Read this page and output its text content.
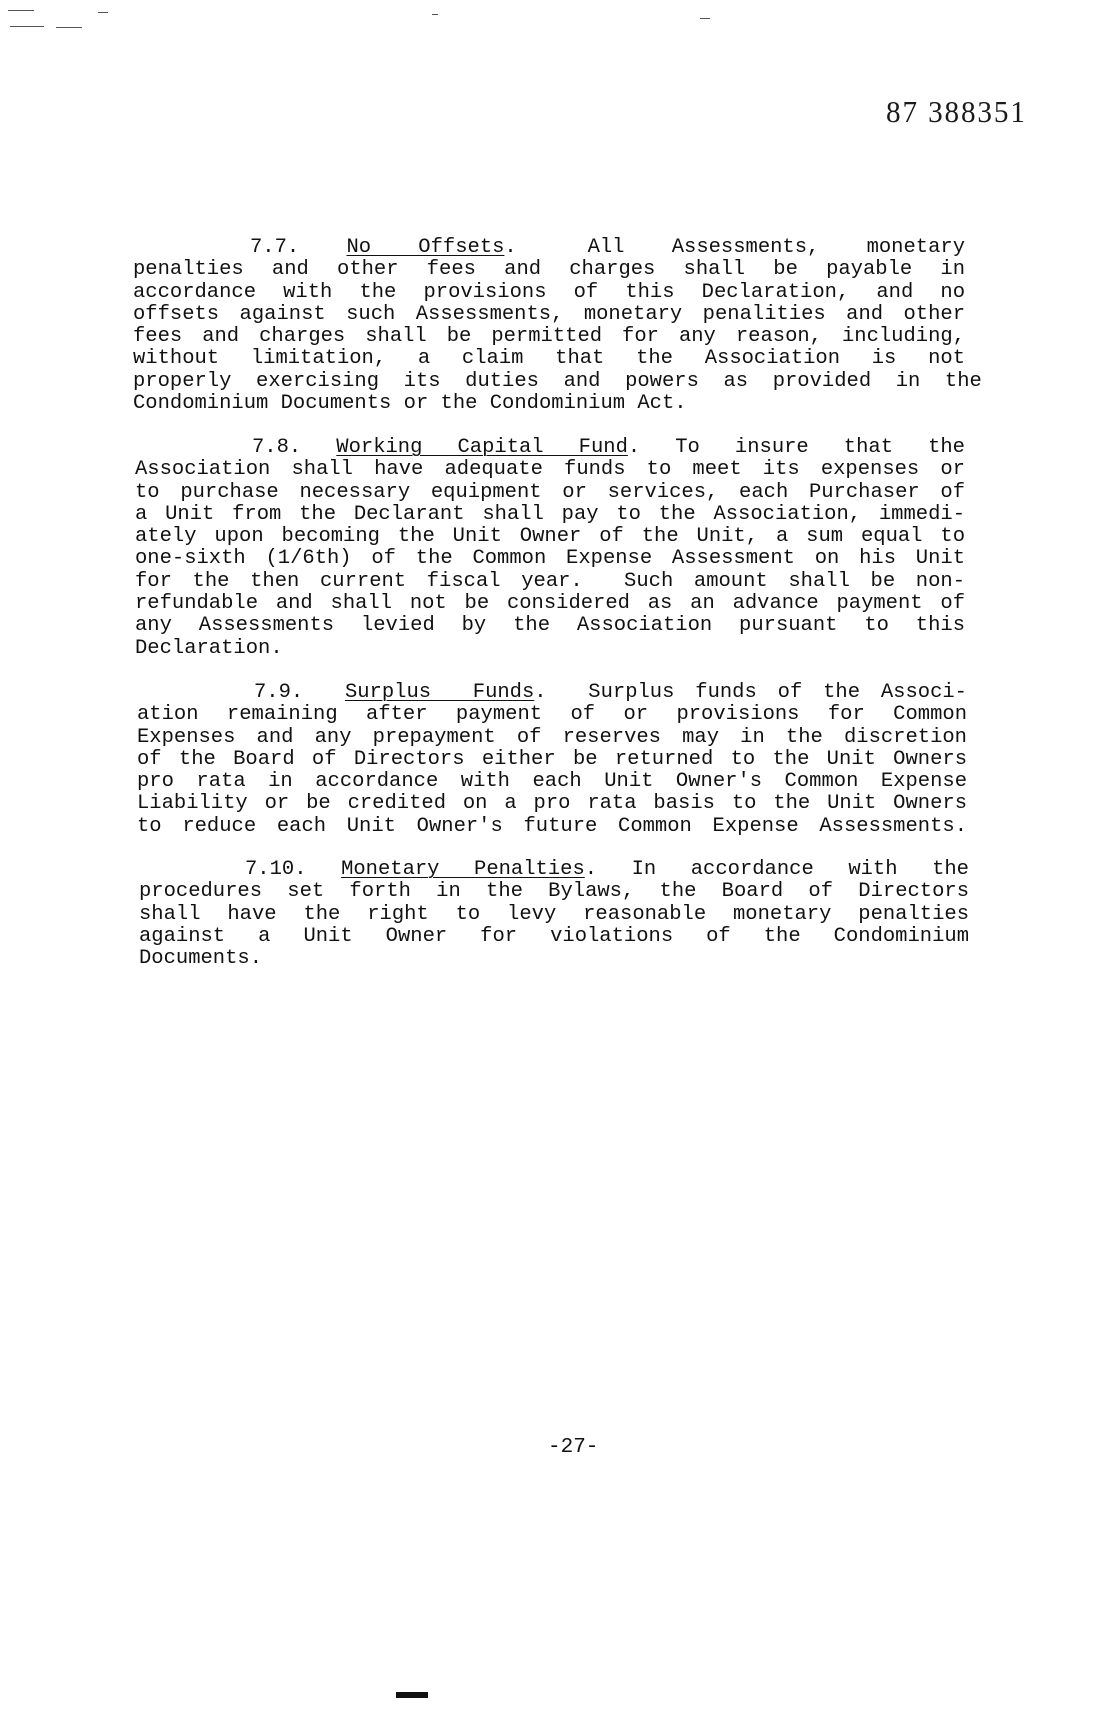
87 388351
7.7. No  Offsets.   All  Assessments,  monetary
penalties  and  other  fees  and  charges  shall  be  payable  in
accordance  with  the  provisions  of  this  Declaration,  and  no
offsets against such Assessments, monetary penalities and other
fees and charges shall be permitted for any reason, including,
without  limitation,  a  claim  that  the  Association  is  not
properly  exercising  its  duties  and  powers  as  provided  in  the
Condominium Documents or the Condominium Act.
7.8. Working  Capital  Fund.  To  insure  that  the
Association shall have adequate funds to meet its expenses or
to purchase necessary equipment or services, each Purchaser of
a Unit from the Declarant shall pay to the Association, immedi-
ately upon becoming the Unit Owner of the Unit, a sum equal to
one-sixth (1/6th) of the Common Expense Assessment on his Unit
for the then current fiscal year.  Such amount shall be non-
refundable and shall not be considered as an advance payment of
any  Assessments  levied  by  the  Association  pursuant  to  this
Declaration.
7.9. Surplus  Funds.  Surplus funds of the Associ-
ation  remaining  after  payment  of  or  provisions  for  Common
Expenses and any prepayment of reserves may in the discretion
of the Board of Directors either be returned to the Unit Owners
pro rata in accordance with each Unit Owner's Common Expense
Liability or be credited on a pro rata basis to the Unit Owners
to reduce each Unit Owner's future Common Expense Assessments.
7.10. Monetary  Penalties.  In  accordance  with  the
procedures  set  forth  in  the  Bylaws,  the  Board  of  Directors
shall  have  the  right  to  levy  reasonable  monetary  penalties
against  a  Unit  Owner  for  violations  of  the  Condominium
Documents.
-27-
